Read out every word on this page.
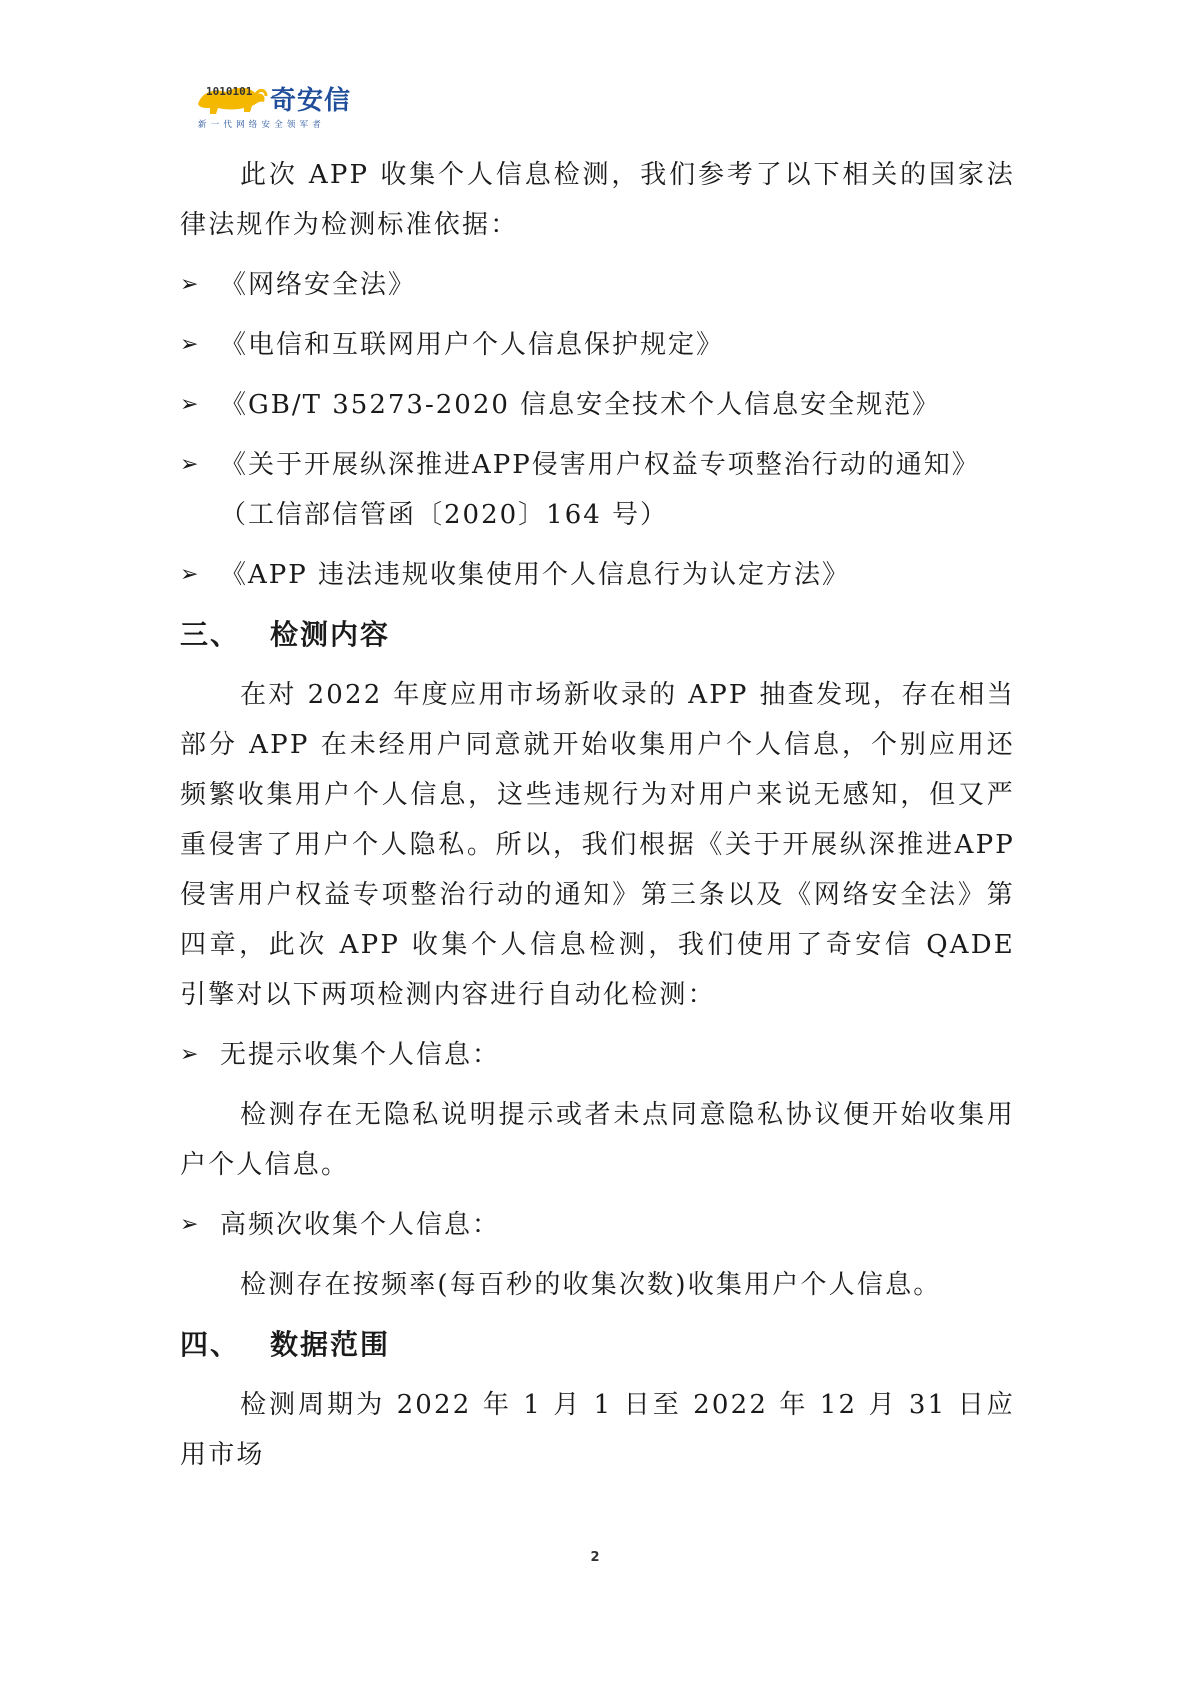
1010101 奇安信
新一代网络安全领军者

此次 APP 收集个人信息检测，我们参考了以下相关的国家法律法规作为检测标准依据：

➢ 《网络安全法》

➢ 《电信和互联网用户个人信息保护规定》

➢ 《GB/T 35273-2020 信息安全技术个人信息安全规范》

➢ 《关于开展纵深推进APP侵害用户权益专项整治行动的通知》（工信部信管函〔2020〕164 号）

➢ 《APP 违法违规收集使用个人信息行为认定方法》

三、 检测内容

在对 2022 年度应用市场新收录的 APP 抽查发现，存在相当部分 APP 在未经用户同意就开始收集用户个人信息，个别应用还频繁收集用户个人信息，这些违规行为对用户来说无感知，但又严重侵害了用户个人隐私。所以，我们根据《关于开展纵深推进APP侵害用户权益专项整治行动的通知》第三条以及《网络安全法》第四章，此次 APP 收集个人信息检测，我们使用了奇安信 QADE 引擎对以下两项检测内容进行自动化检测：

➢ 无提示收集个人信息：

检测存在无隐私说明提示或者未点同意隐私协议便开始收集用户个人信息。

➢ 高频次收集个人信息：

检测存在按频率(每百秒的收集次数)收集用户个人信息。

四、 数据范围

检测周期为 2022 年 1 月 1 日至 2022 年 12 月 31 日应用市场

2
